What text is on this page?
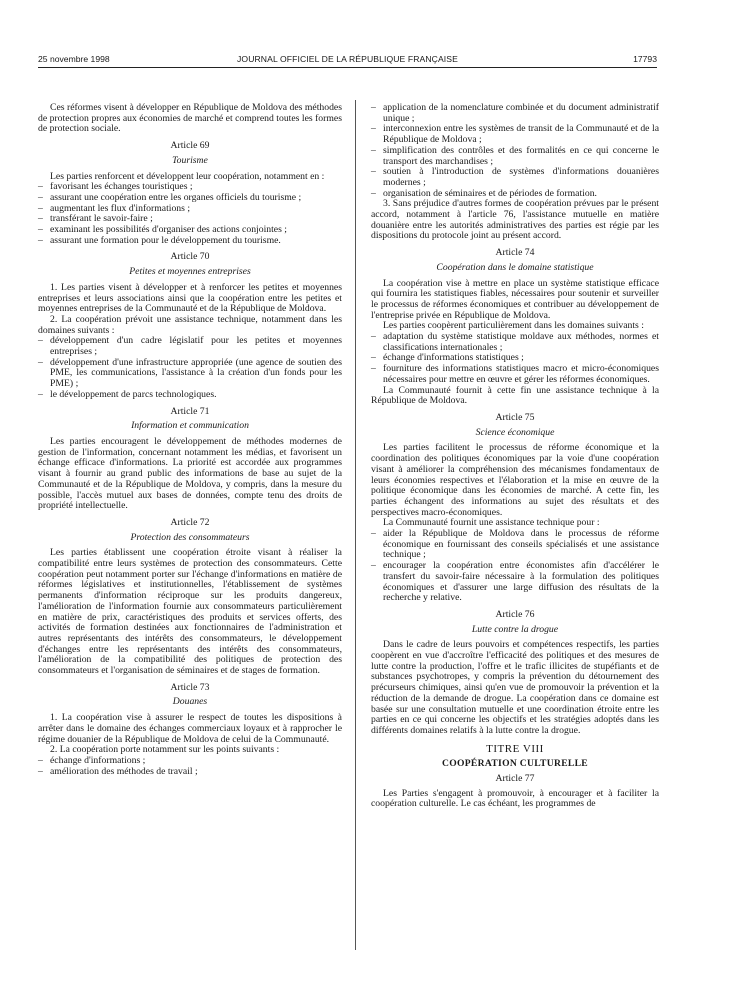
25 novembre 1998	JOURNAL OFFICIEL DE LA RÉPUBLIQUE FRANÇAISE	17793

Ces réformes visent à développer en République de Moldova des méthodes de protection propres aux économies de marché et comprend toutes les formes de protection sociale.

Article 69
Tourisme

Les parties renforcent et développent leur coopération, notamment en :

– favorisant les échanges touristiques ;
– assurant une coopération entre les organes officiels du tourisme ;
– augmentant les flux d'informations ;
– transférant le savoir-faire ;
– examinant les possibilités d'organiser des actions conjointes ;
– assurant une formation pour le développement du tourisme.
Article 70
Petites et moyennes entreprises

1. Les parties visent à développer et à renforcer les petites et moyennes entreprises et leurs associations ainsi que la coopération entre les petites et moyennes entreprises de la Communauté et de la République de Moldova.

2. La coopération prévoit une assistance technique, notamment dans les domaines suivants :

– développement d'un cadre législatif pour les petites et moyennes entreprises ;
– développement d'une infrastructure appropriée (une agence de soutien des PME, les communications, l'assistance à la création d'un fonds pour les PME) ;
– le développement de parcs technologiques.
Article 71
Information et communication

Les parties encouragent le développement de méthodes modernes de gestion de l'information, concernant notamment les médias, et favorisent un échange efficace d'informations. La priorité est accordée aux programmes visant à fournir au grand public des informations de base au sujet de la Communauté et de la République de Moldova, y compris, dans la mesure du possible, l'accès mutuel aux bases de données, compte tenu des droits de propriété intellectuelle.

Article 72
Protection des consommateurs

Les parties établissent une coopération étroite visant à réaliser la compatibilité entre leurs systèmes de protection des consommateurs. Cette coopération peut notamment porter sur l'échange d'informations en matière de réformes législatives et institutionnelles, l'établissement de systèmes permanents d'information réciproque sur les produits dangereux, l'amélioration de l'information fournie aux consommateurs particulièrement en matière de prix, caractéristiques des produits et services offerts, des activités de formation destinées aux fonctionnaires de l'administration et autres représentants des intérêts des consommateurs, le développement d'échanges entre les représentants des intérêts des consommateurs, l'amélioration de la compatibilité des politiques de protection des consommateurs et l'organisation de séminaires et de stages de formation.

Article 73
Douanes

1. La coopération vise à assurer le respect de toutes les dispositions à arrêter dans le domaine des échanges commerciaux loyaux et à rapprocher le régime douanier de la République de Moldova de celui de la Communauté.

2. La coopération porte notamment sur les points suivants :

– échange d'informations ;
– amélioration des méthodes de travail ;
– application de la nomenclature combinée et du document administratif unique ;
– interconnexion entre les systèmes de transit de la Communauté et de la République de Moldova ;
– simplification des contrôles et des formalités en ce qui concerne le transport des marchandises ;
– soutien à l'introduction de systèmes d'informations douanières modernes ;
– organisation de séminaires et de périodes de formation.

3. Sans préjudice d'autres formes de coopération prévues par le présent accord, notamment à l'article 76, l'assistance mutuelle en matière douanière entre les autorités administratives des parties est régie par les dispositions du protocole joint au présent accord.

Article 74
Coopération dans le domaine statistique

La coopération vise à mettre en place un système statistique efficace qui fournira les statistiques fiables, nécessaires pour soutenir et surveiller le processus de réformes économiques et contribuer au développement de l'entreprise privée en République de Moldova.

Les parties coopèrent particulièrement dans les domaines suivants :

– adaptation du système statistique moldave aux méthodes, normes et classifications internationales ;
– échange d'informations statistiques ;
– fourniture des informations statistiques macro et micro-économiques nécessaires pour mettre en œuvre et gérer les réformes économiques.

La Communauté fournit à cette fin une assistance technique à la République de Moldova.

Article 75
Science économique

Les parties facilitent le processus de réforme économique et la coordination des politiques économiques par la voie d'une coopération visant à améliorer la compréhension des mécanismes fondamentaux de leurs économies respectives et l'élaboration et la mise en œuvre de la politique économique dans les économies de marché. A cette fin, les parties échangent des informations au sujet des résultats et des perspectives macro-économiques.

La Communauté fournit une assistance technique pour :

– aider la République de Moldova dans le processus de réforme économique en fournissant des conseils spécialisés et une assistance technique ;
– encourager la coopération entre économistes afin d'accélérer le transfert du savoir-faire nécessaire à la formulation des politiques économiques et d'assurer une large diffusion des résultats de la recherche y relative.
Article 76
Lutte contre la drogue

Dans le cadre de leurs pouvoirs et compétences respectifs, les parties coopèrent en vue d'accroître l'efficacité des politiques et des mesures de lutte contre la production, l'offre et le trafic illicites de stupéfiants et de substances psychotropes, y compris la prévention du détournement des précurseurs chimiques, ainsi qu'en vue de promouvoir la prévention et la réduction de la demande de drogue. La coopération dans ce domaine est basée sur une consultation mutuelle et une coordination étroite entre les parties en ce qui concerne les objectifs et les stratégies adoptés dans les différents domaines relatifs à la lutte contre la drogue.

TITRE VIII
COOPÉRATION CULTURELLE
Article 77

Les Parties s'engagent à promouvoir, à encourager et à faciliter la coopération culturelle. Le cas échéant, les programmes de
